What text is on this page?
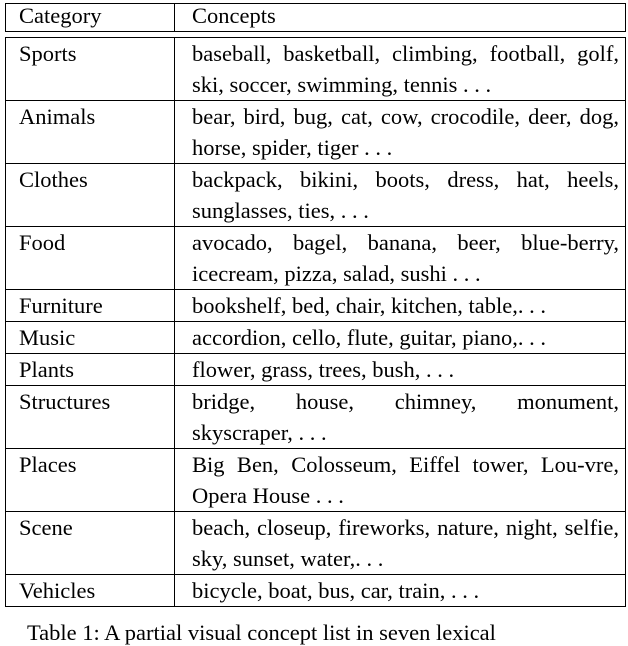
Category	Concepts

Sports	baseball, basketball, climbing, football, golf, ski, soccer, swimming, tennis . . .
Animals	bear, bird, bug, cat, cow, crocodile, deer, dog, horse, spider, tiger . . .
Clothes	backpack, bikini, boots, dress, hat, heels, sunglasses, ties, . . .
Food	avocado, bagel, banana, beer, blue-berry, icecream, pizza, salad, sushi . . .
Furniture	bookshelf, bed, chair, kitchen, table,. . .
Music	accordion, cello, flute, guitar, piano,. . .
Plants	flower, grass, trees, bush, . . .
Structures	bridge, house, chimney, monument, skyscraper, . . .
Places	Big Ben, Colosseum, Eiffel tower, Lou-vre, Opera House . . .
Scene	beach, closeup, fireworks, nature, night, selfie, sky, sunset, water,. . .
Vehicles	bicycle, boat, bus, car, train, . . .
Table 1: A partial visual concept list in seven lexical
